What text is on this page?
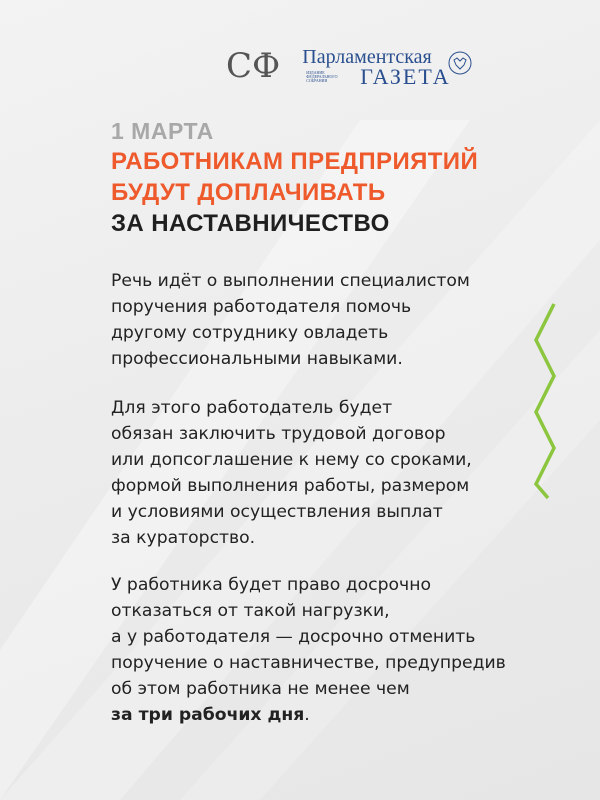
СФ Парламентская
ИЗДАНИЕ ФЕДЕРАЛЬНОГО СОБРАНИЯ	ГАЗЕТА
1 МАРТА
РАБОТНИКАМ ПРЕДПРИЯТИЙ
БУДУТ ДОПЛАЧИВАТЬ
ЗА НАСТАВНИЧЕСТВО
Речь идёт о выполнении специалистом
поручения работодателя помочь
другому сотруднику овладеть
профессиональными навыками.
Для этого работодатель будет
обязан заключить трудовой договор
или допсоглашение к нему со сроками,
формой выполнения работы, размером
и условиями осуществления выплат
за кураторство.
У работника будет право досрочно
отказаться от такой нагрузки,
а у работодателя — досрочно отменить
поручение о наставничестве, предупредив
об этом работника не менее чем
за три рабочих дня.
